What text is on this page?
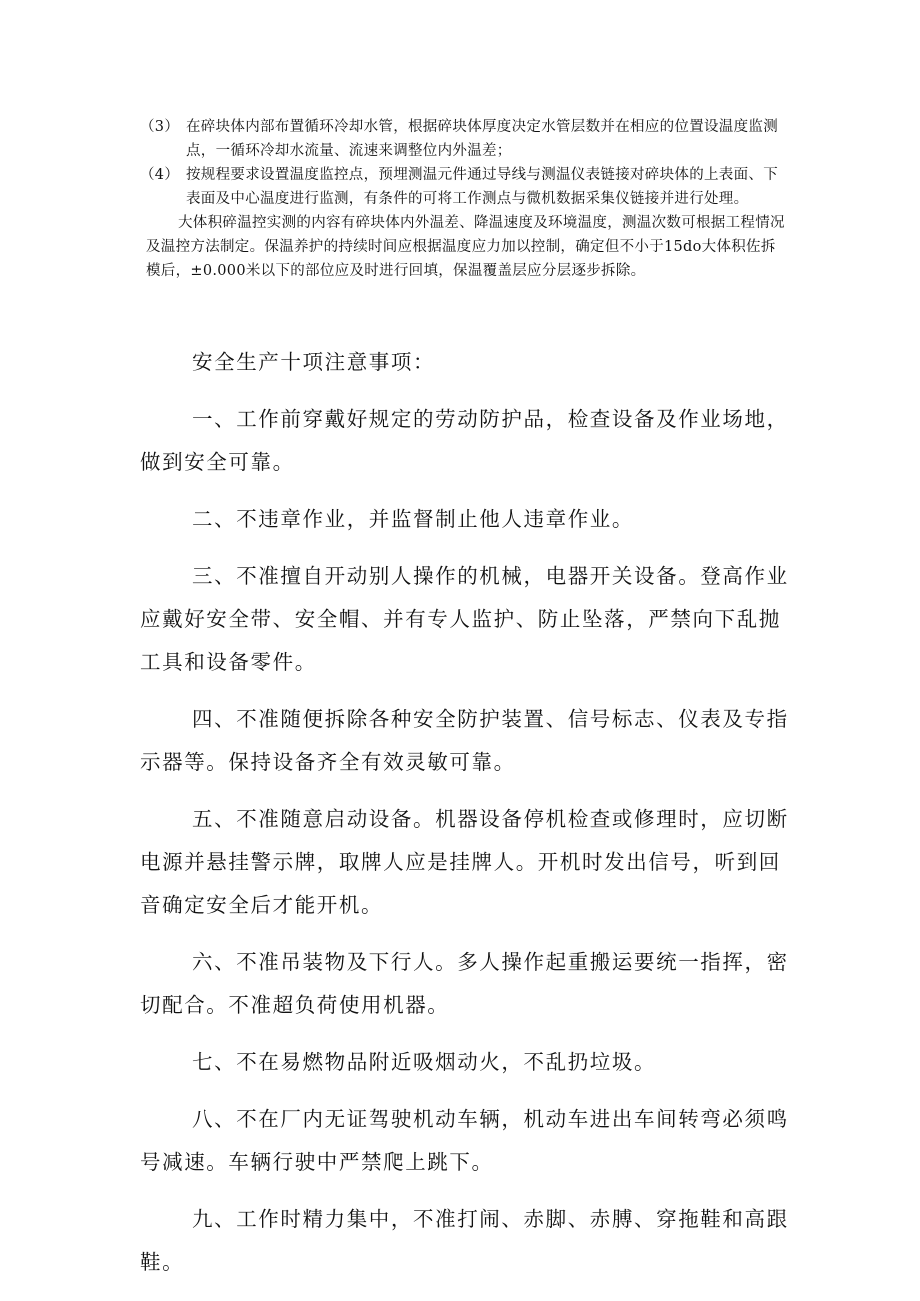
（3） 在碎块体内部布置循环冷却水管，根据碎块体厚度决定水管层数并在相应的位置设温度监测点，一循环冷却水流量、流速来调整位内外温差；
（4） 按规程要求设置温度监控点，预埋测温元件通过导线与测温仪表链接对碎块体的上表面、下表面及中心温度进行监测，有条件的可将工作测点与微机数据采集仪链接并进行处理。

大体积碎温控实测的内容有碎块体内外温差、降温速度及环境温度，测温次数可根据工程情况及温控方法制定。保温养护的持续时间应根据温度应力加以控制，确定但不小于15do大体积佐拆模后，±0.000米以下的部位应及时进行回填，保温覆盖层应分层逐步拆除。

安全生产十项注意事项：

一、工作前穿戴好规定的劳动防护品，检查设备及作业场地，做到安全可靠。

二、不违章作业，并监督制止他人违章作业。

三、不准擅自开动别人操作的机械，电器开关设备。登高作业应戴好安全带、安全帽、并有专人监护、防止坠落，严禁向下乱抛工具和设备零件。

四、不准随便拆除各种安全防护装置、信号标志、仪表及专指示器等。保持设备齐全有效灵敏可靠。

五、不准随意启动设备。机器设备停机检查或修理时，应切断电源并悬挂警示牌，取牌人应是挂牌人。开机时发出信号，听到回音确定安全后才能开机。

六、不准吊装物及下行人。多人操作起重搬运要统一指挥，密切配合。不准超负荷使用机器。

七、不在易燃物品附近吸烟动火，不乱扔垃圾。

八、不在厂内无证驾驶机动车辆，机动车进出车间转弯必须鸣号减速。车辆行驶中严禁爬上跳下。

九、工作时精力集中，不准打闹、赤脚、赤膊、穿拖鞋和高跟鞋。
